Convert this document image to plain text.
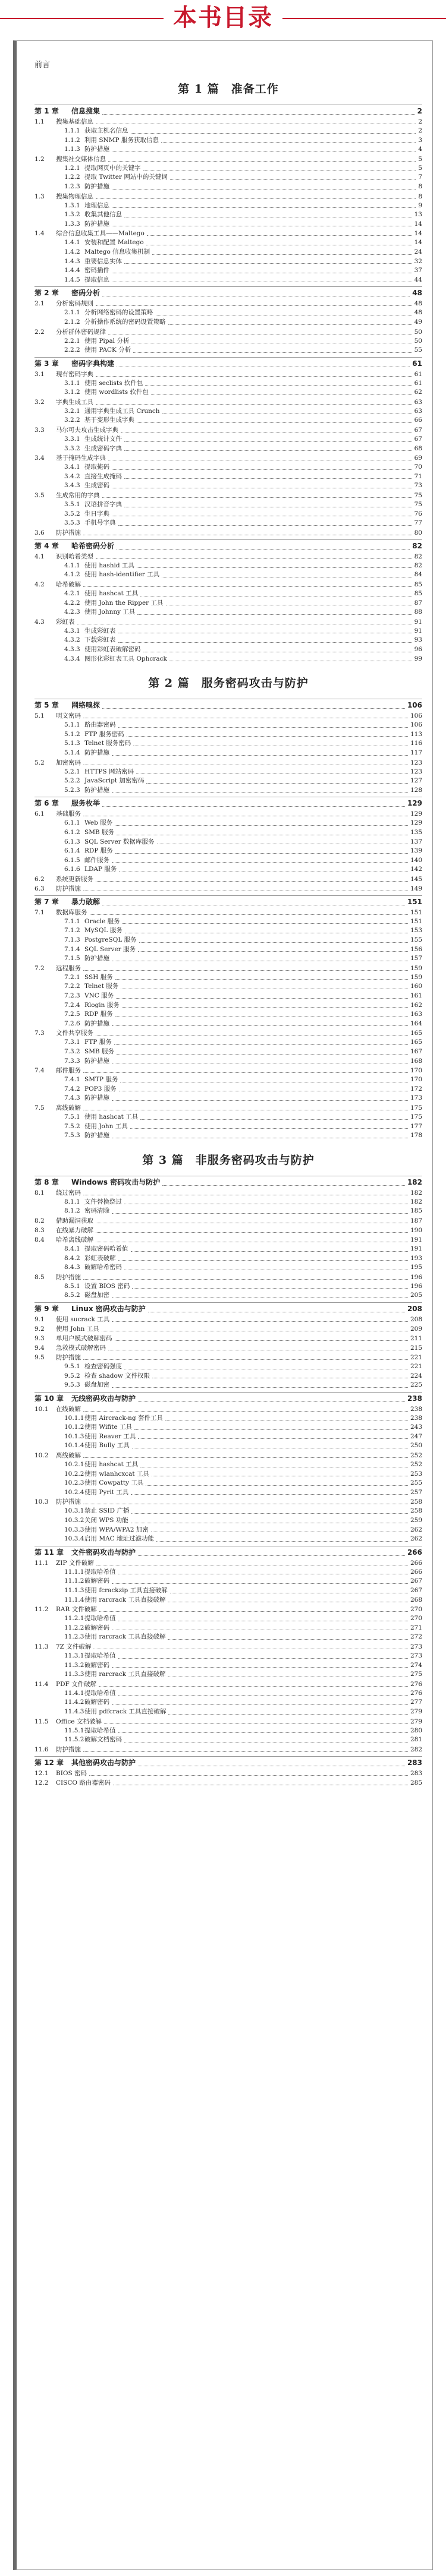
本书目录
前言
第 1 篇　准备工作
第 1 章	信息搜集	2
1.1	搜集基础信息	2
1.1.1 获取主机名信息	2
1.1.2 利用 SNMP 服务获取信息	3
1.1.3 防护措施	4
1.2	搜集社交媒体信息	5
1.2.1 提取网页中的关键字	5
1.2.2 提取 Twitter 网站中的关键词	7
1.2.3 防护措施	8
1.3	搜集物理信息	8
1.3.1 地理信息	9
1.3.2 收集其他信息	13
1.3.3 防护措施	14
1.4	综合信息收集工具——Maltego	14
1.4.1 安装和配置 Maltego	14
1.4.2 Maltego 信息收集机制	24
1.4.3 重要信息实体	32
1.4.4 密码插件	37
1.4.5 提取信息	44
第 2 章	密码分析	48
2.1	分析密码规则	48
2.1.1 分析网络密码的设置策略	48
2.1.2 分析操作系统的密码设置策略	49
2.2	分析群体密码规律	50
2.2.1 使用 Pipal 分析	50
2.2.2 使用 PACK 分析	55
第 3 章	密码字典构建	61
3.1	现有密码字典	61
3.1.1 使用 seclists 软件包	61
3.1.2 使用 wordlists 软件包	62
3.2	字典生成工具	63
3.2.1 通用字典生成工具 Crunch	63
3.2.2 基于变形生成字典	66
3.3	马尔可夫攻击生成字典	67
3.3.1 生成统计文件	67
3.3.2 生成密码字典	68
3.4	基于掩码生成字典	69
3.4.1 提取掩码	70
3.4.2 直接生成掩码	71
3.4.3 生成密码	73
3.5	生成常用的字典	75
3.5.1 汉语拼音字典	75
3.5.2 生日字典	76
3.5.3 手机号字典	77
3.6	防护措施	80
第 4 章	哈希密码分析	82
4.1	识别哈希类型	82
4.1.1 使用 hashid 工具	82
4.1.2 使用 hash-identifier 工具	84
4.2	哈希破解	85
4.2.1 使用 hashcat 工具	85
4.2.2 使用 John the Ripper 工具	87
4.2.3 使用 Johnny 工具	88
4.3	彩虹表	91
4.3.1 生成彩虹表	91
4.3.2 下载彩虹表	93
4.3.3 使用彩虹表破解密码	96
4.3.4 图形化彩虹表工具 Ophcrack	99
第 2 篇　服务密码攻击与防护
第 5 章	网络嗅探	106
5.1	明文密码	106
5.1.1 路由器密码	106
5.1.2 FTP 服务密码	113
5.1.3 Telnet 服务密码	116
5.1.4 防护措施	117
5.2	加密密码	123
5.2.1 HTTPS 网站密码	123
5.2.2 JavaScript 加密密码	127
5.2.3 防护措施	128
第 6 章	服务枚举	129
6.1	基础服务	129
6.1.1 Web 服务	129
6.1.2 SMB 服务	135
6.1.3 SQL Server 数据库服务	137
6.1.4 RDP 服务	139
6.1.5 邮件服务	140
6.1.6 LDAP 服务	142
6.2	系统更新服务	145
6.3	防护措施	149
第 7 章	暴力破解	151
7.1	数据库服务	151
7.1.1 Oracle 服务	151
7.1.2 MySQL 服务	153
7.1.3 PostgreSQL 服务	155
7.1.4 SQL Server 服务	156
7.1.5 防护措施	157
7.2	远程服务	159
7.2.1 SSH 服务	159
7.2.2 Telnet 服务	160
7.2.3 VNC 服务	161
7.2.4 Rlogin 服务	162
7.2.5 RDP 服务	163
7.2.6 防护措施	164
7.3	文件共享服务	165
7.3.1 FTP 服务	165
7.3.2 SMB 服务	167
7.3.3 防护措施	168
7.4	邮件服务	170
7.4.1 SMTP 服务	170
7.4.2 POP3 服务	172
7.4.3 防护措施	173
7.5	离线破解	175
7.5.1 使用 hashcat 工具	175
7.5.2 使用 John 工具	177
7.5.3 防护措施	178
第 3 篇　非服务密码攻击与防护
第 8 章	Windows 密码攻击与防护	182
8.1	绕过密码	182
8.1.1 文件替换绕过	182
8.1.2 密码清除	185
8.2	借助漏洞获取	187
8.3	在线暴力破解	190
8.4	哈希离线破解	191
8.4.1 提取密码哈希值	191
8.4.2 彩虹表破解	193
8.4.3 破解哈希密码	195
8.5	防护措施	196
8.5.1 设置 BIOS 密码	196
8.5.2 磁盘加密	205
第 9 章	Linux 密码攻击与防护	208
9.1	使用 sucrack 工具	208
9.2	使用 John 工具	209
9.3	单用户模式破解密码	211
9.4	急救模式破解密码	215
9.5	防护措施	221
9.5.1 检查密码强度	221
9.5.2 检查 shadow 文件权限	224
9.5.3 磁盘加密	225
第 10 章	无线密码攻击与防护	238
10.1	在线破解	238
10.1.1 使用 Aircrack-ng 套件工具	238
10.1.2 使用 Wifite 工具	243
10.1.3 使用 Reaver 工具	247
10.1.4 使用 Bully 工具	250
10.2	离线破解	252
10.2.1 使用 hashcat 工具	252
10.2.2 使用 wlanhcxcat 工具	253
10.2.3 使用 Cowpatty 工具	255
10.2.4 使用 Pyrit 工具	257
10.3	防护措施	258
10.3.1 禁止 SSID 广播	258
10.3.2 关闭 WPS 功能	259
10.3.3 使用 WPA/WPA2 加密	262
10.3.4 启用 MAC 地址过滤功能	262
第 11 章	文件密码攻击与防护	266
11.1	ZIP 文件破解	266
11.1.1 提取哈希值	266
11.1.2 破解密码	267
11.1.3 使用 fcrackzip 工具直接破解	267
11.1.4 使用 rarcrack 工具直接破解	268
11.2	RAR 文件破解	270
11.2.1 提取哈希值	270
11.2.2 破解密码	271
11.2.3 使用 rarcrack 工具直接破解	272
11.3	7Z 文件破解	273
11.3.1 提取哈希值	273
11.3.2 破解密码	274
11.3.3 使用 rarcrack 工具直接破解	275
11.4	PDF 文件破解	276
11.4.1 提取哈希值	276
11.4.2 破解密码	277
11.4.3 使用 pdfcrack 工具直接破解	279
11.5	Office 文档破解	279
11.5.1 提取哈希值	280
11.5.2 破解文档密码	281
11.6	防护措施	282
第 12 章	其他密码攻击与防护	283
12.1	BIOS 密码	283
12.2	CISCO 路由器密码	285
